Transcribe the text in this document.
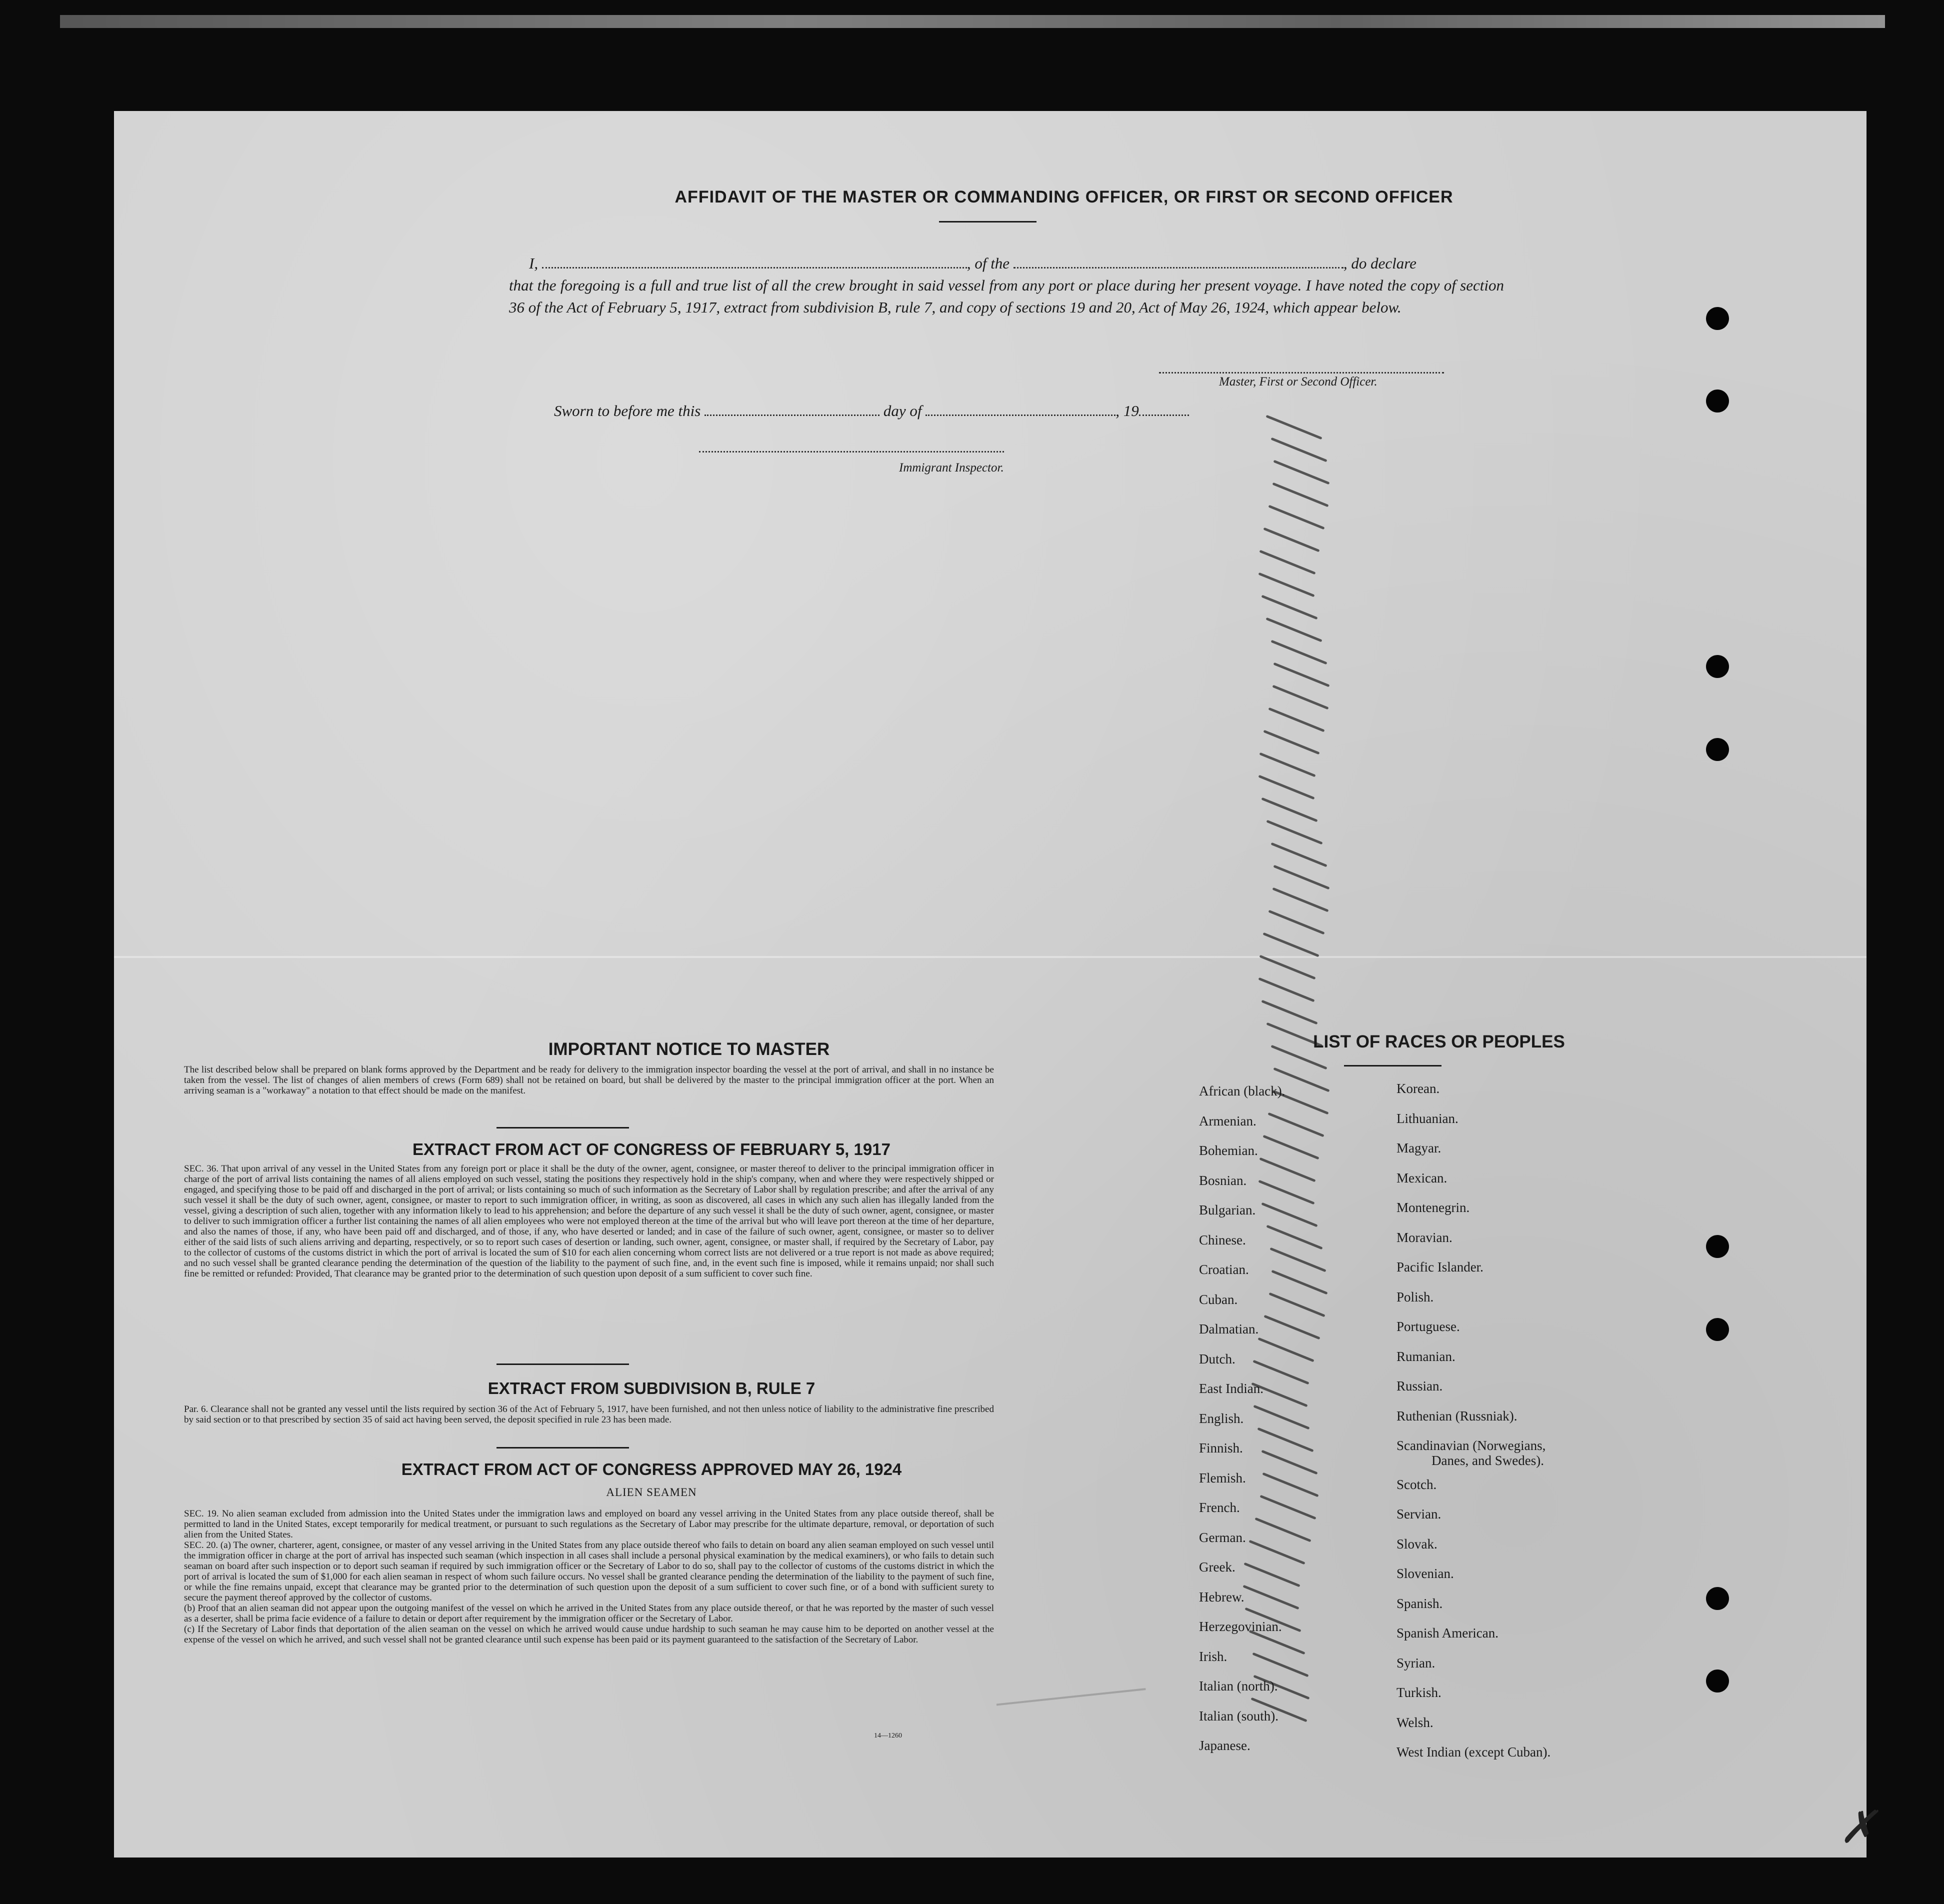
AFFIDAVIT OF THE MASTER OR COMMANDING OFFICER, OR FIRST OR SECOND OFFICER
I,	, of the	, do declare
that the foregoing is a full and true list of all the crew brought in said vessel from any port or place during her present voyage. I have noted the copy of section 36 of the Act of February 5, 1917, extract from subdivision B, rule 7, and copy of sections 19 and 20, Act of May 26, 1924, which appear below.
Master, First or Second Officer.
Sworn to before me this	day of	, 19
Immigrant Inspector.
IMPORTANT NOTICE TO MASTER
The list described below shall be prepared on blank forms approved by the Department and be ready for delivery to the immigration inspector boarding the vessel at the port of arrival, and shall in no instance be taken from the vessel. The list of changes of alien members of crews (Form 689) shall not be retained on board, but shall be delivered by the master to the principal immigration officer at the port. When an arriving seaman is a "workaway" a notation to that effect should be made on the manifest.
EXTRACT FROM ACT OF CONGRESS OF FEBRUARY 5, 1917
SEC. 36. That upon arrival of any vessel in the United States from any foreign port or place it shall be the duty of the owner, agent, consignee, or master thereof to deliver to the principal immigration officer in charge of the port of arrival lists containing the names of all aliens employed on such vessel, stating the positions they respectively hold in the ship's company, when and where they were respectively shipped or engaged, and specifying those to be paid off and discharged in the port of arrival; or lists containing so much of such information as the Secretary of Labor shall by regulation prescribe; and after the arrival of any such vessel it shall be the duty of such owner, agent, consignee, or master to report to such immigration officer, in writing, as soon as discovered, all cases in which any such alien has illegally landed from the vessel, giving a description of such alien, together with any information likely to lead to his apprehension; and before the departure of any such vessel it shall be the duty of such owner, agent, consignee, or master to deliver to such immigration officer a further list containing the names of all alien employees who were not employed thereon at the time of the arrival but who will leave port thereon at the time of her departure, and also the names of those, if any, who have been paid off and discharged, and of those, if any, who have deserted or landed; and in case of the failure of such owner, agent, consignee, or master so to deliver either of the said lists of such aliens arriving and departing, respectively, or so to report such cases of desertion or landing, such owner, agent, consignee, or master shall, if required by the Secretary of Labor, pay to the collector of customs of the customs district in which the port of arrival is located the sum of $10 for each alien concerning whom correct lists are not delivered or a true report is not made as above required; and no such vessel shall be granted clearance pending the determination of the question of the liability to the payment of such fine, and, in the event such fine is imposed, while it remains unpaid; nor shall such fine be remitted or refunded: Provided, That clearance may be granted prior to the determination of such question upon deposit of a sum sufficient to cover such fine.
EXTRACT FROM SUBDIVISION B, RULE 7
Par. 6. Clearance shall not be granted any vessel until the lists required by section 36 of the Act of February 5, 1917, have been furnished, and not then unless notice of liability to the administrative fine prescribed by said section or to that prescribed by section 35 of said act having been served, the deposit specified in rule 23 has been made.
EXTRACT FROM ACT OF CONGRESS APPROVED MAY 26, 1924
ALIEN SEAMEN
SEC. 19. No alien seaman excluded from admission into the United States under the immigration laws and employed on board any vessel arriving in the United States from any place outside thereof, shall be permitted to land in the United States, except temporarily for medical treatment, or pursuant to such regulations as the Secretary of Labor may prescribe for the ultimate departure, removal, or deportation of such alien from the United States.
SEC. 20. (a) The owner, charterer, agent, consignee, or master of any vessel arriving in the United States from any place outside thereof who fails to detain on board any alien seaman employed on such vessel until the immigration officer in charge at the port of arrival has inspected such seaman (which inspection in all cases shall include a personal physical examination by the medical examiners), or who fails to detain such seaman on board after such inspection or to deport such seaman if required by such immigration officer or the Secretary of Labor to do so, shall pay to the collector of customs of the customs district in which the port of arrival is located the sum of $1,000 for each alien seaman in respect of whom such failure occurs. No vessel shall be granted clearance pending the determination of the liability to the payment of such fine, or while the fine remains unpaid, except that clearance may be granted prior to the determination of such question upon the deposit of a sum sufficient to cover such fine, or of a bond with sufficient surety to secure the payment thereof approved by the collector of customs.
(b) Proof that an alien seaman did not appear upon the outgoing manifest of the vessel on which he arrived in the United States from any place outside thereof, or that he was reported by the master of such vessel as a deserter, shall be prima facie evidence of a failure to detain or deport after requirement by the immigration officer or the Secretary of Labor.
(c) If the Secretary of Labor finds that deportation of the alien seaman on the vessel on which he arrived would cause undue hardship to such seaman he may cause him to be deported on another vessel at the expense of the vessel on which he arrived, and such vessel shall not be granted clearance until such expense has been paid or its payment guaranteed to the satisfaction of the Secretary of Labor.
14—1260
LIST OF RACES OR PEOPLES
African (black).
Armenian.
Bohemian.
Bosnian.
Bulgarian.
Chinese.
Croatian.
Cuban.
Dalmatian.
Dutch.
East Indian.
English.
Finnish.
Flemish.
French.
German.
Greek.
Hebrew.
Herzegovinian.
Irish.
Italian (north).
Italian (south).
Japanese.
Korean.
Lithuanian.
Magyar.
Mexican.
Montenegrin.
Moravian.
Pacific Islander.
Polish.
Portuguese.
Rumanian.
Russian.
Ruthenian (Russniak).
Scandinavian (Norwegians,
Danes, and Swedes).
Scotch.
Servian.
Slovak.
Slovenian.
Spanish.
Spanish American.
Syrian.
Turkish.
Welsh.
West Indian (except Cuban).
✗
